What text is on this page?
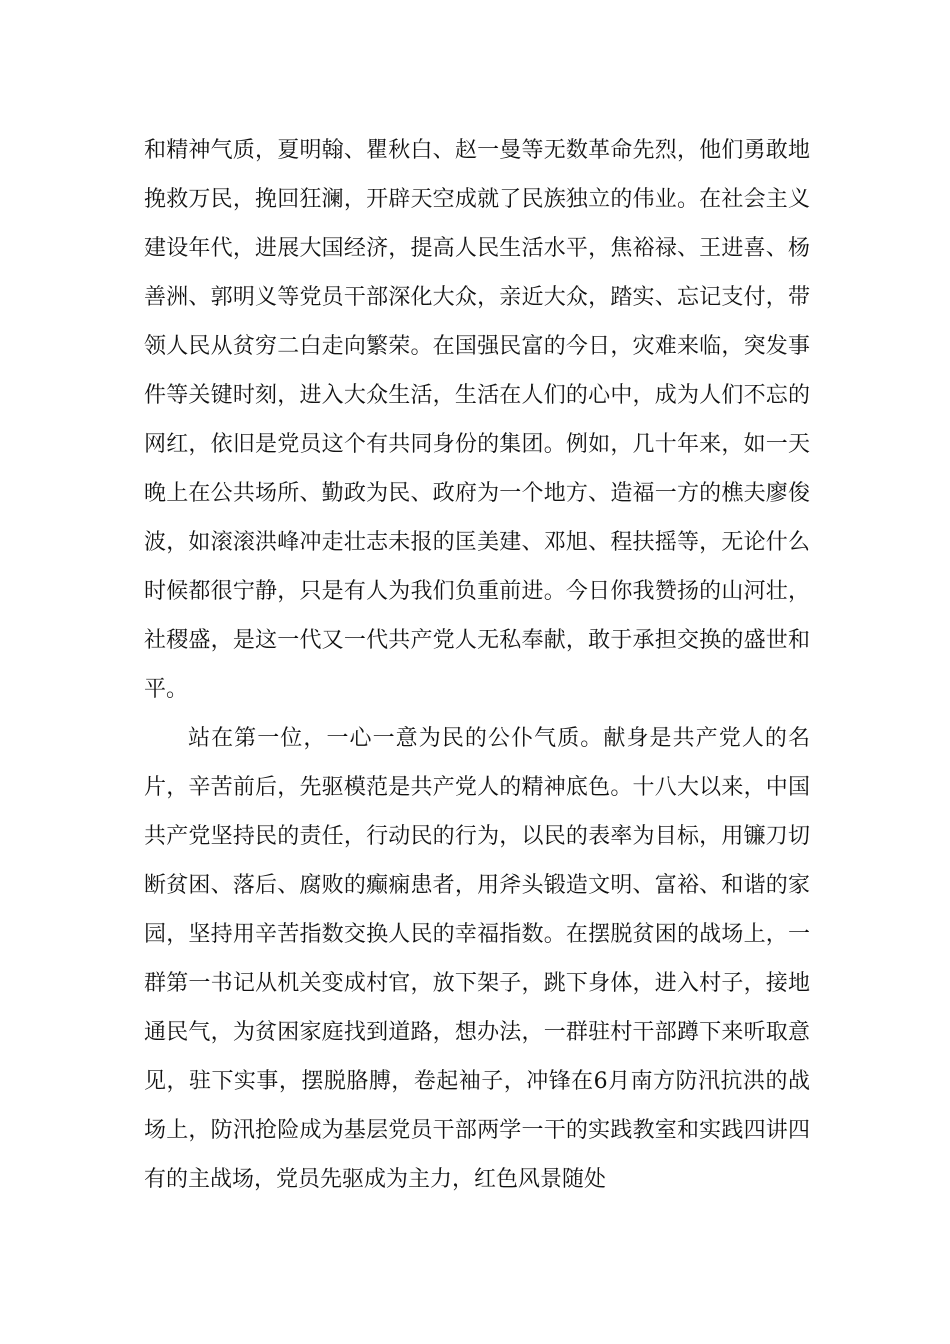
和精神气质，夏明翰、瞿秋白、赵一曼等无数革命先烈，他们勇敢地挽救万民，挽回狂澜，开辟天空成就了民族独立的伟业。在社会主义建设年代，进展大国经济，提高人民生活水平，焦裕禄、王进喜、杨善洲、郭明义等党员干部深化大众，亲近大众，踏实、忘记支付，带领人民从贫穷二白走向繁荣。在国强民富的今日，灾难来临，突发事件等关键时刻，进入大众生活，生活在人们的心中，成为人们不忘的网红，依旧是党员这个有共同身份的集团。例如，几十年来，如一天晚上在公共场所、勤政为民、政府为一个地方、造福一方的樵夫廖俊波，如滚滚洪峰冲走壮志未报的匡美建、邓旭、程扶摇等，无论什么时候都很宁静，只是有人为我们负重前进。今日你我赞扬的山河壮，社稷盛，是这一代又一代共产党人无私奉献，敢于承担交换的盛世和平。

站在第一位，一心一意为民的公仆气质。献身是共产党人的名片，辛苦前后，先驱模范是共产党人的精神底色。十八大以来，中国共产党坚持民的责任，行动民的行为，以民的表率为目标，用镰刀切断贫困、落后、腐败的癫痫患者，用斧头锻造文明、富裕、和谐的家园，坚持用辛苦指数交换人民的幸福指数。在摆脱贫困的战场上，一群第一书记从机关变成村官，放下架子，跳下身体，进入村子，接地通民气，为贫困家庭找到道路，想办法，一群驻村干部蹲下来听取意见，驻下实事，摆脱胳膊，卷起袖子，冲锋在6月南方防汛抗洪的战场上，防汛抢险成为基层党员干部两学一干的实践教室和实践四讲四有的主战场，党员先驱成为主力，红色风景随处
